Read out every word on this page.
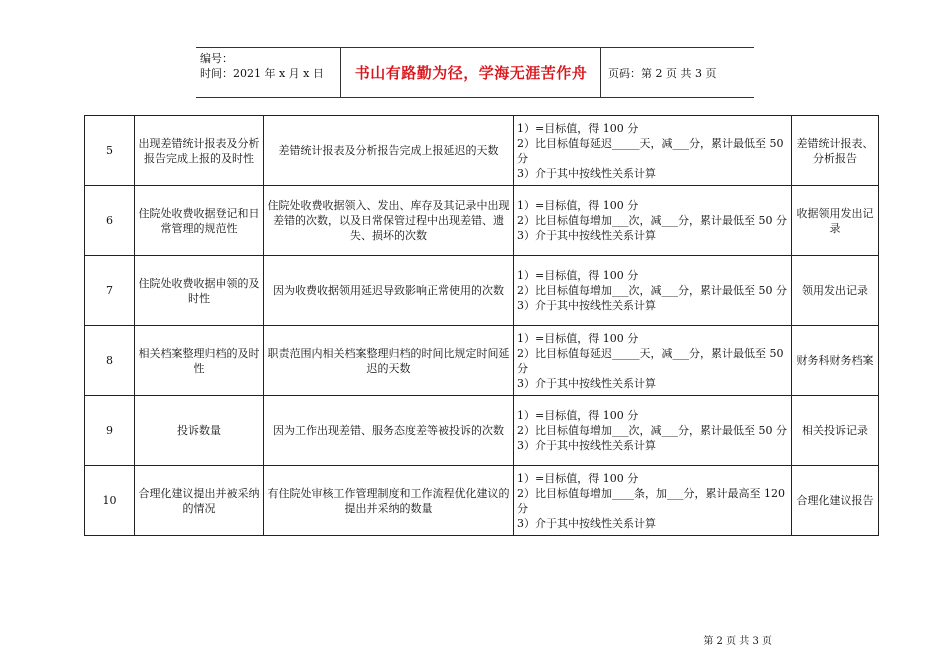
编号：
时间：2021 年 x 月 x 日	书山有路勤为径，学海无涯苦作舟	页码：第 2 页 共 3 页
5	出现差错统计报表及分析报告完成上报的及时性	差错统计报表及分析报告完成上报延迟的天数	1）=目标值，得 100 分
2）比目标值每延迟_____天，减___分，累计最低至 50 分
3）介于其中按线性关系计算	差错统计报表、分析报告
6	住院处收费收据登记和日常管理的规范性	住院处收费收据领入、发出、库存及其记录中出现差错的次数，以及日常保管过程中出现差错、遗失、损坏的次数	1）=目标值，得 100 分
2）比目标值每增加___次，减___分，累计最低至 50 分
3）介于其中按线性关系计算	收据领用发出记录
7	住院处收费收据申领的及时性	因为收费收据领用延迟导致影响正常使用的次数	1）=目标值，得 100 分
2）比目标值每增加___次，减___分，累计最低至 50 分
3）介于其中按线性关系计算	领用发出记录
8	相关档案整理归档的及时性	职责范围内相关档案整理归档的时间比规定时间延迟的天数	1）=目标值，得 100 分
2）比目标值每延迟_____天，减___分，累计最低至 50 分
3）介于其中按线性关系计算	财务科财务档案
9	投诉数量	因为工作出现差错、服务态度差等被投诉的次数	1）=目标值，得 100 分
2）比目标值每增加___次，减___分，累计最低至 50 分
3）介于其中按线性关系计算	相关投诉记录
10	合理化建议提出并被采纳的情况	有住院处审核工作管理制度和工作流程优化建议的提出并采纳的数量	1）=目标值，得 100 分
2）比目标值每增加____条，加___分，累计最高至 120 分
3）介于其中按线性关系计算	合理化建议报告
第 2 页 共 3 页
